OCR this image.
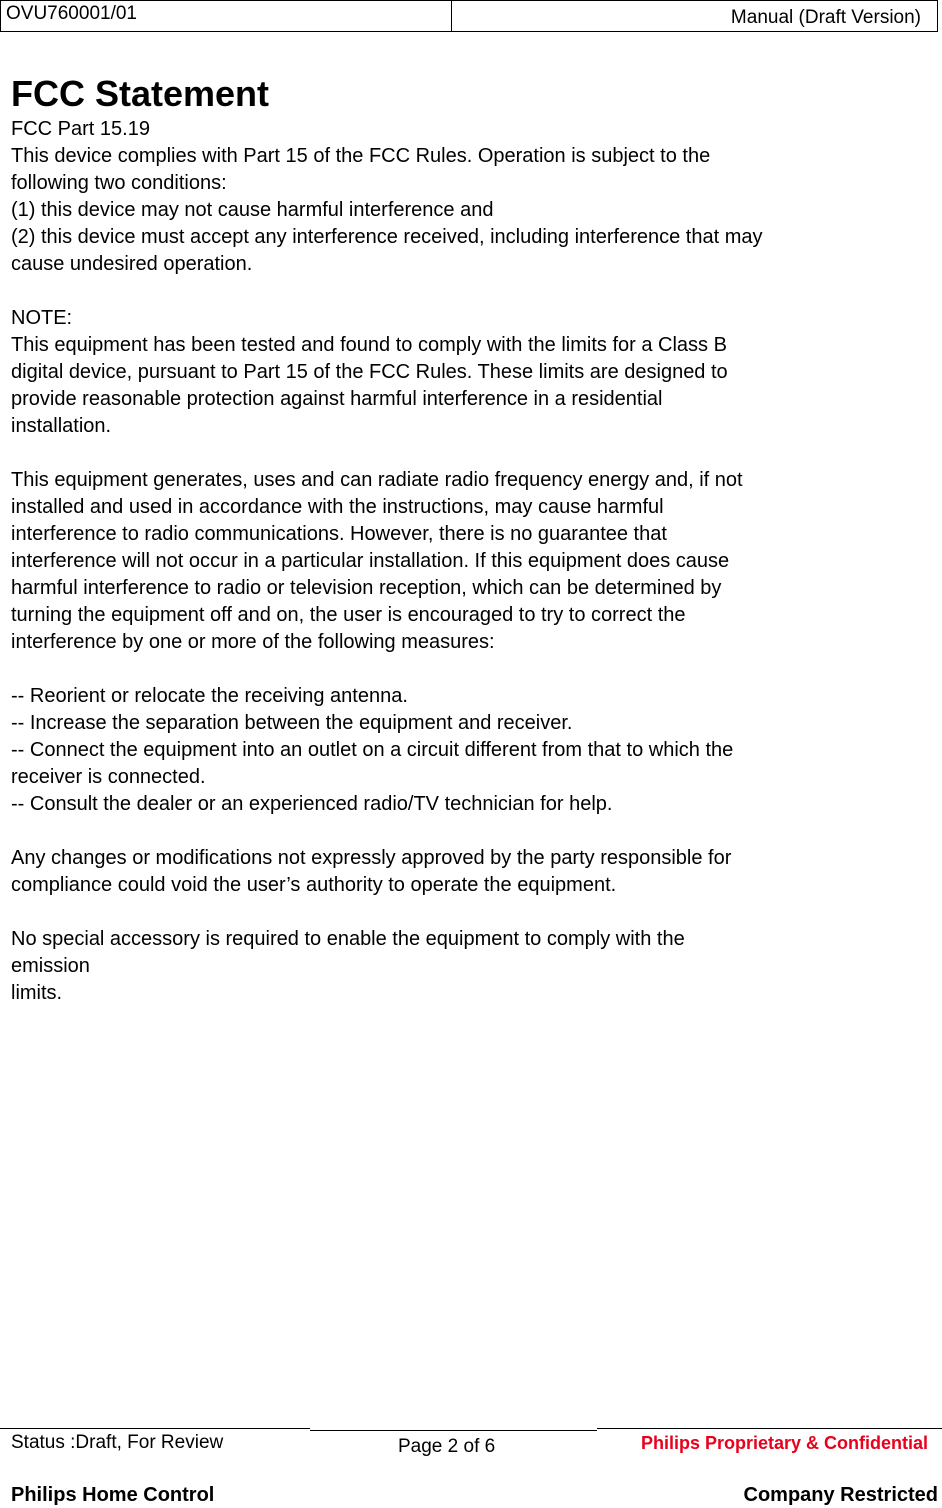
OVU760001/01	Manual (Draft Version)
FCC Statement

FCC Part 15.19
This device complies with Part 15 of the FCC Rules. Operation is subject to the
following two conditions:
(1) this device may not cause harmful interference and
(2) this device must accept any interference received, including interference that may
cause undesired operation.

NOTE:
This equipment has been tested and found to comply with the limits for a Class B
digital device, pursuant to Part 15 of the FCC Rules. These limits are designed to
provide reasonable protection against harmful interference in a residential
installation.

This equipment generates, uses and can radiate radio frequency energy and, if not
installed and used in accordance with the instructions, may cause harmful
interference to radio communications. However, there is no guarantee that
interference will not occur in a particular installation. If this equipment does cause
harmful interference to radio or television reception, which can be determined by
turning the equipment off and on, the user is encouraged to try to correct the
interference by one or more of the following measures:

-- Reorient or relocate the receiving antenna.
-- Increase the separation between the equipment and receiver.
-- Connect the equipment into an outlet on a circuit different from that to which the
receiver is connected.
-- Consult the dealer or an experienced radio/TV technician for help.

Any changes or modifications not expressly approved by the party responsible for
compliance could void the user’s authority to operate the equipment.

No special accessory is required to enable the equipment to comply with the
emission
limits.

Status :Draft, For Review	Page 2 of 6	Philips Proprietary & Confidential
Philips Home Control	Company Restricted
